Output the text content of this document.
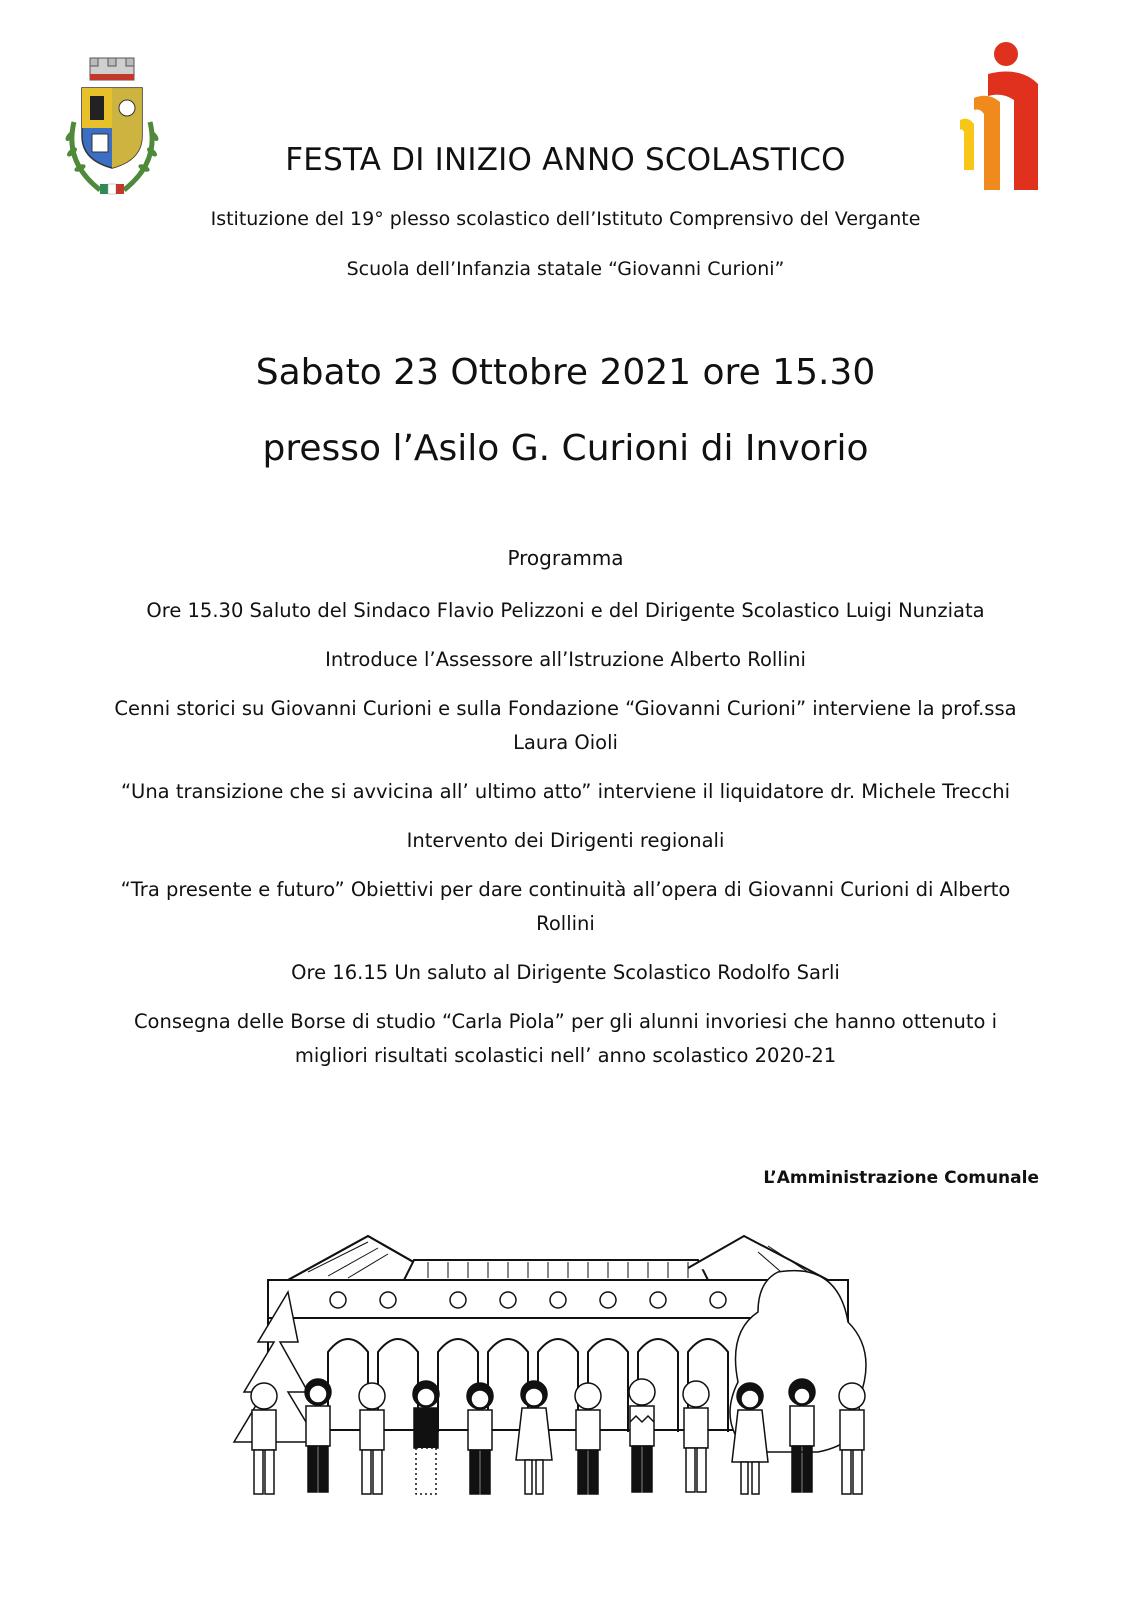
FESTA DI INIZIO ANNO SCOLASTICO
Istituzione del 19° plesso scolastico dell’Istituto Comprensivo del Vergante
Scuola dell’Infanzia statale “Giovanni Curioni”
Sabato 23 Ottobre 2021 ore 15.30
presso l’Asilo G. Curioni di Invorio
Programma
Ore 15.30 Saluto del Sindaco Flavio Pelizzoni e del Dirigente Scolastico Luigi Nunziata
Introduce l’Assessore all’Istruzione Alberto Rollini
Cenni storici su Giovanni Curioni e sulla Fondazione “Giovanni Curioni” interviene la prof.ssa Laura Oioli
“Una transizione che si avvicina all’ ultimo atto” interviene il liquidatore dr. Michele Trecchi
Intervento dei Dirigenti regionali
“Tra presente e futuro” Obiettivi per dare continuità all’opera di Giovanni Curioni di Alberto Rollini
Ore 16.15 Un saluto al Dirigente Scolastico Rodolfo Sarli
Consegna delle Borse di studio “Carla Piola” per gli alunni invoriesi che hanno ottenuto i migliori risultati scolastici nell’ anno scolastico 2020-21
L’Amministrazione Comunale
